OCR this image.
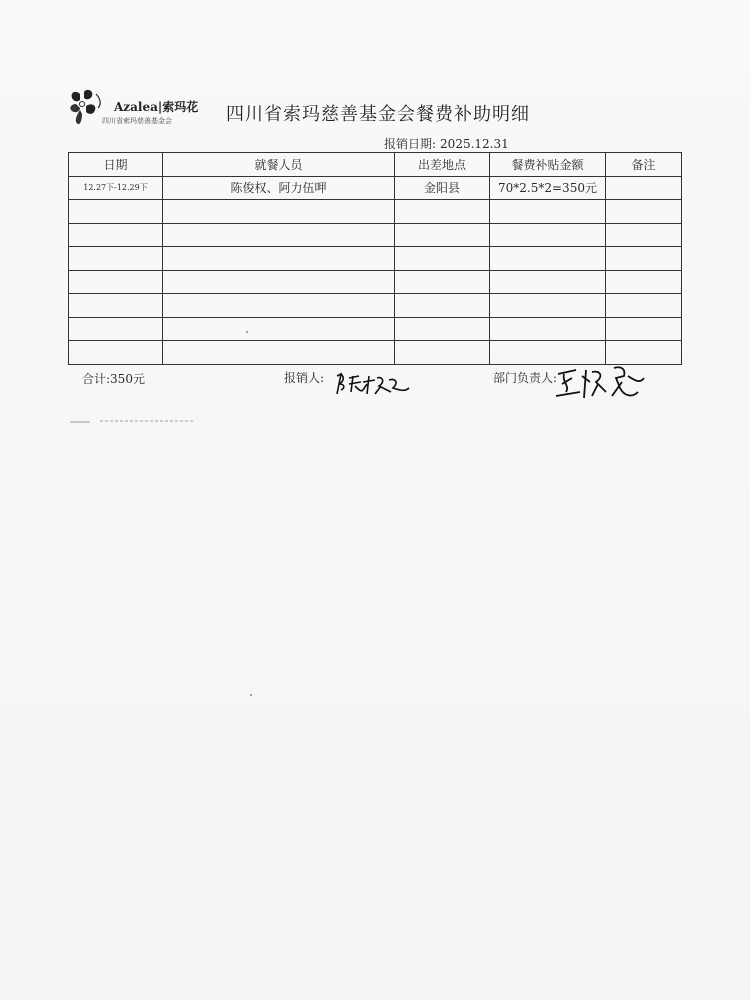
Azalea|索玛花
四川省索玛慈善基金会	四川省索玛慈善基金会餐费补助明细
报销日期: 2025.12.31
日期	就餐人员	出差地点	餐费补贴金额	备注
12.27下-12.29下	陈俊权、阿力伍呷	金阳县	70*2.5*2=350元	

合计:350元	报销人:	部门负责人:
